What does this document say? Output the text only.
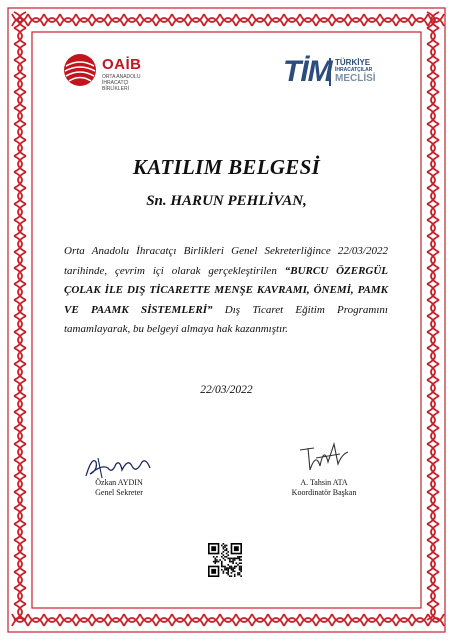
OAİB
ORTA ANADOLU İHRACATÇI BİRLİKLERİ
TİM TÜRKİYE
İHRACATÇILAR
MECLİSİ
KATILIM BELGESİ
Sn. HARUN PEHLİVAN,
Orta Anadolu İhracatçı Birlikleri Genel Sekreterliğince 22/03/2022 tarihinde, çevrim içi olarak gerçekleştirilen “BURCU ÖZERGÜL ÇOLAK İLE DIŞ TİCARETTE MENŞE KAVRAMI, ÖNEMİ, PAMK VE PAAMK SİSTEMLERİ” Dış Ticaret Eğitim Programını tamamlayarak, bu belgeyi almaya hak kazanmıştır.
22/03/2022
Özkan AYDIN
Genel Sekreter
A. Tahsin ATA
Koordinatör Başkan
